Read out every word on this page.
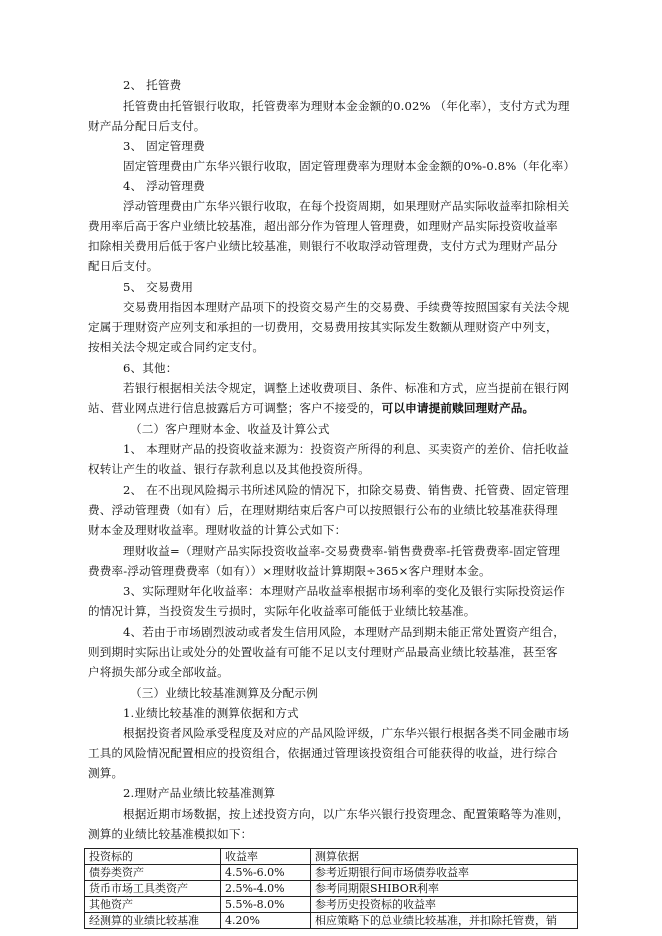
2、 托管费
托管费由托管银行收取，托管费率为理财本金金额的0.02% （年化率），支付方式为理
财产品分配日后支付。
3、 固定管理费
固定管理费由广东华兴银行收取，固定管理费率为理财本金金额的0%-0.8%（年化率）
4、 浮动管理费
浮动管理费由广东华兴银行收取，在每个投资周期，如果理财产品实际收益率扣除相关
费用率后高于客户业绩比较基准，超出部分作为管理人管理费，如理财产品实际投资收益率
扣除相关费用后低于客户业绩比较基准，则银行不收取浮动管理费，支付方式为理财产品分
配日后支付。
5、 交易费用
交易费用指因本理财产品项下的投资交易产生的交易费、手续费等按照国家有关法令规
定属于理财资产应列支和承担的一切费用，交易费用按其实际发生数额从理财资产中列支，
按相关法令规定或合同约定支付。
6、其他：
若银行根据相关法令规定，调整上述收费项目、条件、标准和方式，应当提前在银行网
站、营业网点进行信息披露后方可调整；客户不接受的，可以申请提前赎回理财产品。
（二）客户理财本金、收益及计算公式
1、 本理财产品的投资收益来源为：投资资产所得的利息、买卖资产的差价、信托收益
权转让产生的收益、银行存款利息以及其他投资所得。
2、 在不出现风险揭示书所述风险的情况下，扣除交易费、销售费、托管费、固定管理
费、浮动管理费（如有）后，在理财期结束后客户可以按照银行公布的业绩比较基准获得理
财本金及理财收益率。理财收益的计算公式如下：
理财收益=（理财产品实际投资收益率-交易费费率-销售费费率-托管费费率-固定管理
费费率-浮动管理费费率（如有））×理财收益计算期限÷365×客户理财本金。
3、实际理财年化收益率：本理财产品收益率根据市场利率的变化及银行实际投资运作
的情况计算，当投资发生亏损时，实际年化收益率可能低于业绩比较基准。
4、若由于市场剧烈波动或者发生信用风险，本理财产品到期未能正常处置资产组合，
则到期时实际出让或处分的处置收益有可能不足以支付理财产品最高业绩比较基准，甚至客
户将损失部分或全部收益。
（三）业绩比较基准测算及分配示例
1.业绩比较基准的测算依据和方式
根据投资者风险承受程度及对应的产品风险评级，广东华兴银行根据各类不同金融市场
工具的风险情况配置相应的投资组合，依据通过管理该投资组合可能获得的收益，进行综合
测算。
2.理财产品业绩比较基准测算
根据近期市场数据，按上述投资方向，以广东华兴银行投资理念、配置策略等为准则，
测算的业绩比较基准模拟如下：
投资标的	收益率	测算依据
债券类资产	4.5%-6.0%	参考近期银行间市场债券收益率
货币市场工具类资产	2.5%-4.0%	参考同期限SHIBOR利率
其他资产	5.5%-8.0%	参考历史投资标的收益率
经测算的业绩比较基准	4.20%	相应策略下的总业绩比较基准，并扣除托管费，销
